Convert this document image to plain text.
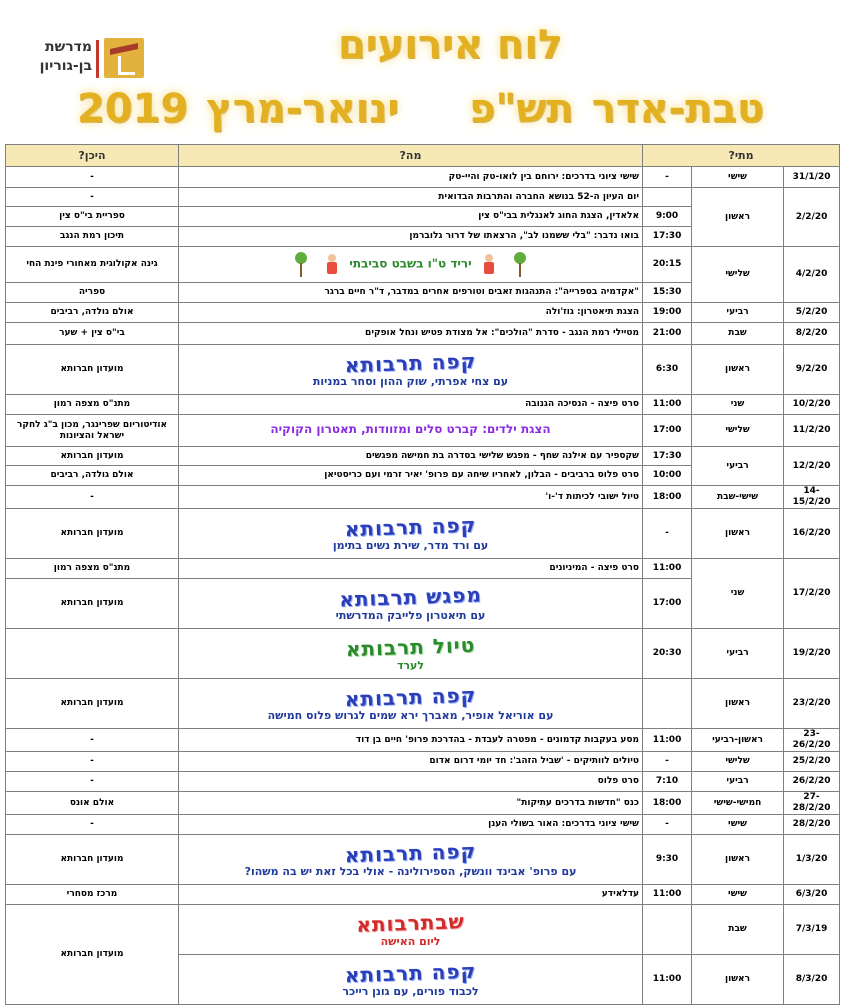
מדרשת
בן-גוריון	לוח אירועים
טבת-אדר תש"פ ינואר-מרץ 2019
מתי?			מה?	היכן?
31/1/20	שישי	-	שישי ציוני בדרכים: ירוחם בין לואו-טק והיי-טק	-
2/2/20	ראשון		יום העיון ה-52 בנושא החברה והתרבות הבדואית	-
		9:00	אלאדין, הצגת החוג לאנגלית בבי"ס צין	ספריית בי"ס צין
		17:30	בואו נדבר: "בלי ששמנו לב", הרצאתו של דרור גלוברמן	תיכון רמת הנגב
4/2/20	שלישי	20:15	יריד ט"ו בשבט סביבתי	גינה אקולוגית מאחורי פינת החי
		15:30	"אקדמיה בספרייה": התנהגות זאבים וטורפים אחרים במדבר, ד"ר חיים ברגר	ספריה
5/2/20	רביעי	19:00	הצגת תיאטרון: גוז'ולה	אולם גולדה, רביבים
8/2/20	שבת	21:00	מטיילי רמת הנגב - סדרת "הולכים": אל מצודת פטיש ונחל אופקים	בי"ס צין + שער
9/2/20	ראשון	6:30	קפה תרבותא
עם צחי אפרתי, שוק ההון וסחר במניות	מועדון חברותא
10/2/20	שני	11:00	סרט פיצה - הנסיכה הגנובה	מתנ"ס מצפה רמון
11/2/20	שלישי	17:00	הצגת ילדים: קברט סלים ומזוודות, תאטרון הקוקיה	אודיטוריום שפרינגר, מכון ב"ג לחקר ישראל והציונות
12/2/20	רביעי	17:30	שקספיר עם אילנה שחף - מפגש שלישי בסדרה בת חמישה מפגשים	מועדון חברותא
		10:00	סרט פלוס ברביבים - הבלון, לאחריו שיחה עם פרופ' יאיר זרמי ועם כריסטיאן	אולם גולדה, רביבים
14-15/2/20	שישי-שבת	18:00	טיול ישובי לכיתות ד'-ו'	-
16/2/20	ראשון	-	קפה תרבותא
עם ורד מדר, שירת נשים בתימן	מועדון חברותא
17/2/20	שני	11:00	סרט פיצה - המיניונים	מתנ"ס מצפה רמון
		17:00	מפגש תרבותא
עם תיאטרון פלייבק המדרשתי	מועדון חברותא
19/2/20	רביעי	20:30	טיול תרבותא
לערד	

23/2/20	ראשון		קפה תרבותא
עם אוריאל אופיר, מאברך ירא שמים לגרוש פלוס חמישה	מועדון חברותא
23-26/2/20	ראשון-רביעי	11:00	מסע בעקבות קדמונים - מפטרה לעבדת - בהדרכת פרופ' חיים בן דוד	-
25/2/20	שלישי	-	טיולים לוותיקים - 'שביל הזהב': חד יומי דרום אדום	-
26/2/20	רביעי	7:10	סרט פלוס	-
27-28/2/20	חמישי-שישי	18:00	כנס "חדשות בדרכים עתיקות"	אולם אונס
28/2/20	שישי	-	שישי ציוני בדרכים: האור בשולי הענן	-
1/3/20	ראשון	9:30	קפה תרבותא
עם פרופ' אבינד וונשק, הספירולינה - אולי בכל זאת יש בה משהו?	מועדון חברותא
6/3/20	שישי	11:00	עדלאידע	מרכז מסחרי
7/3/19	שבת		שבתרבותא
ליום האישה	מועדון חברותא
8/3/20	ראשון	11:00	קפה תרבותא
לכבוד פורים, עם גונן רייכר	
